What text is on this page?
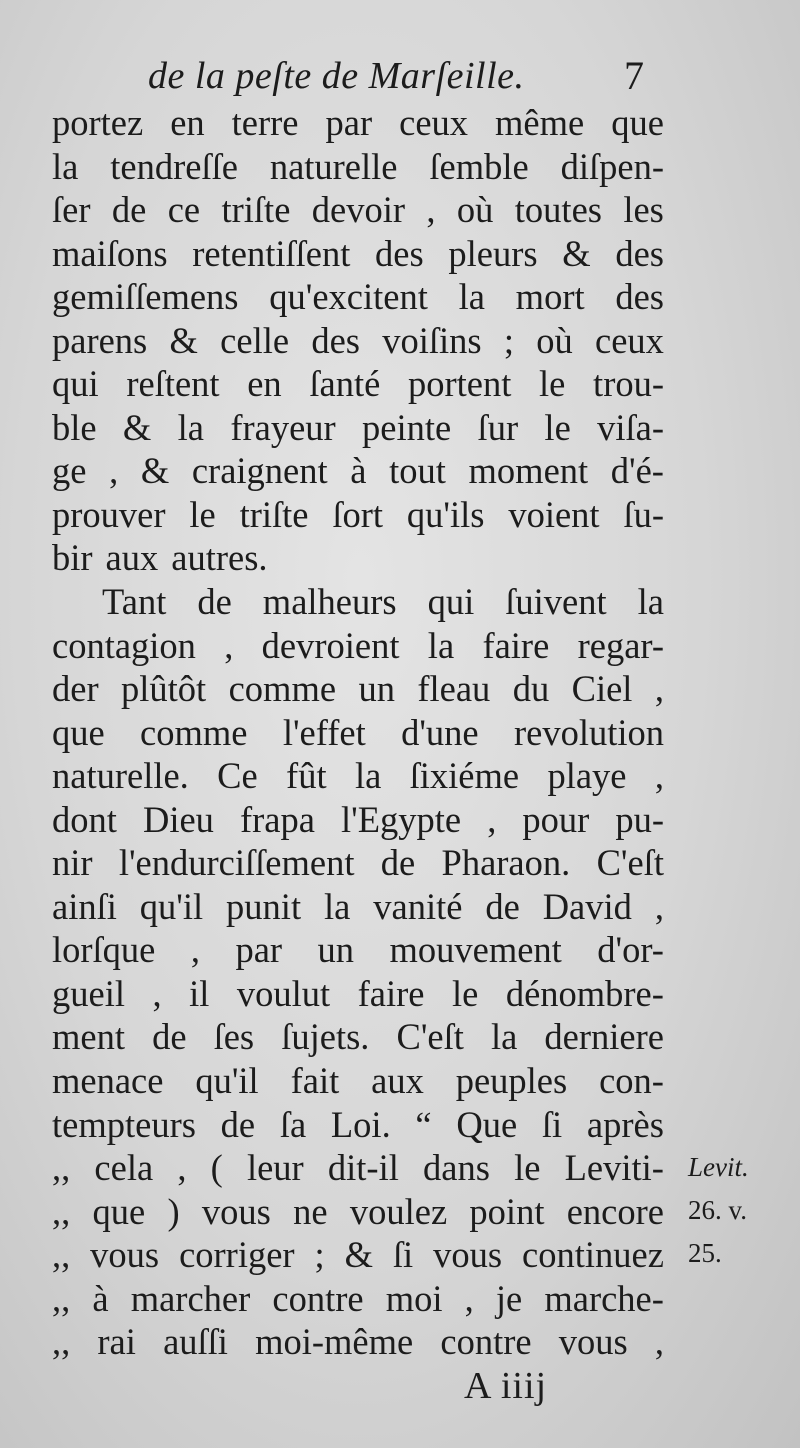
de la peſte de Marſeille. 7
portez en terre par ceux même que
la tendreſſe naturelle ſemble diſpen-
ſer de ce triſte devoir , où toutes les
maiſons retentiſſent des pleurs & des
gemiſſemens qu'excitent la mort des
parens & celle des voiſins ; où ceux
qui reſtent en ſanté portent le trou-
ble & la frayeur peinte ſur le viſa-
ge , & craignent à tout moment d'é-
prouver le triſte ſort qu'ils voient ſu-
bir aux autres.
Tant de malheurs qui ſuivent la
contagion , devroient la faire regar-
der plûtôt comme un fleau du Ciel ,
que comme l'effet d'une revolution
naturelle. Ce fût la ſixiéme playe ,
dont Dieu frapa l'Egypte , pour pu-
nir l'endurciſſement de Pharaon. C'eſt
ainſi qu'il punit la vanité de David ,
lorſque , par un mouvement d'or-
gueil , il voulut faire le dénombre-
ment de ſes ſujets. C'eſt la derniere
menace qu'il fait aux peuples con-
tempteurs de ſa Loi. “ Que ſi après
,, cela , ( leur dit-il dans le Leviti-
,, que ) vous ne voulez point encore
,, vous corriger ; & ſi vous continuez
,, à marcher contre moi , je marche-
,, rai auſſi moi-même contre vous ,
Levit.
26. v.
25.
A iiij
